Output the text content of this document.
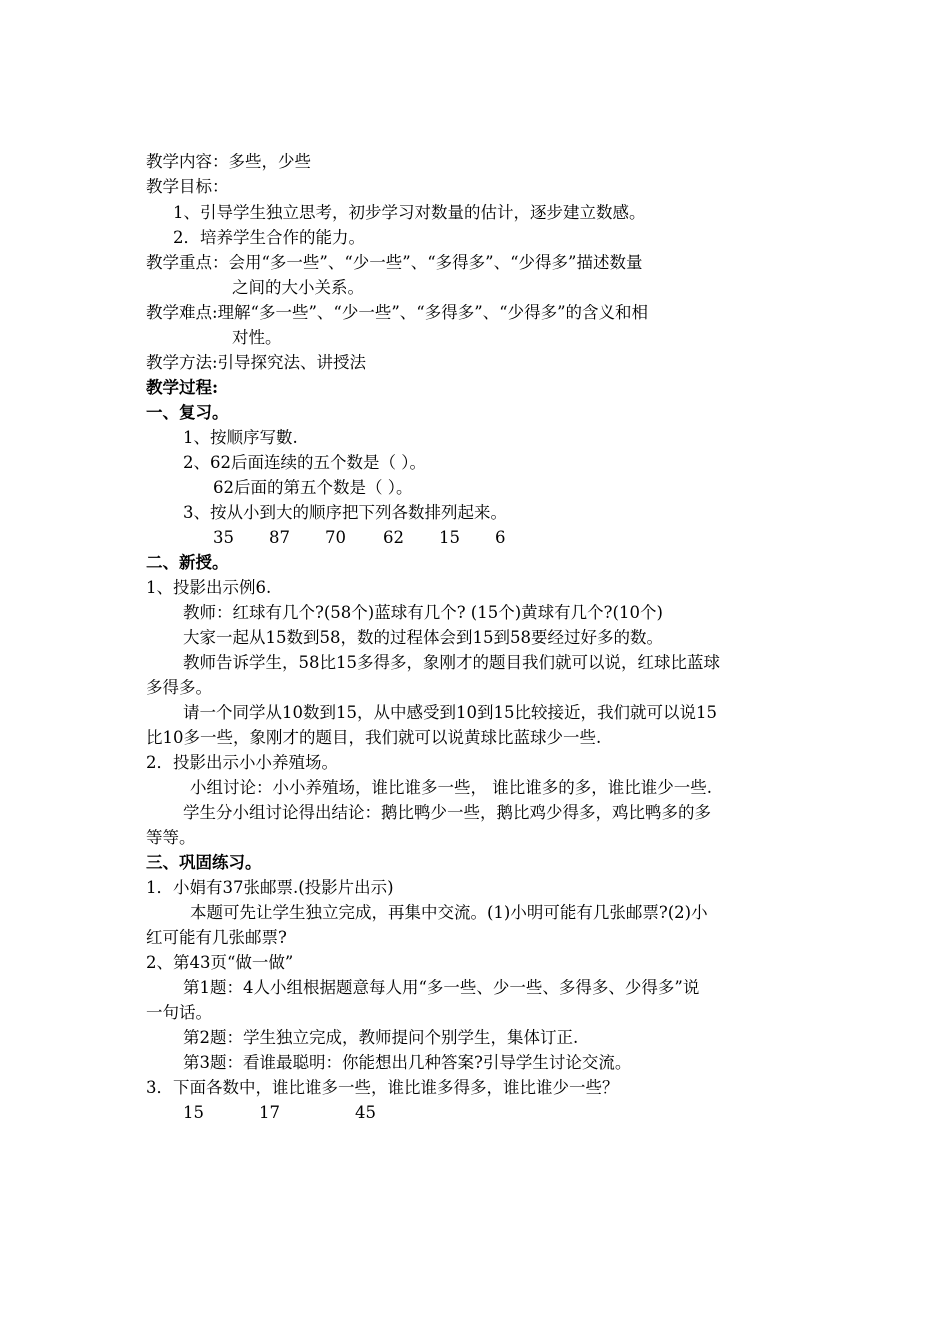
教学内容：多些，少些
教学目标：
1、引导学生独立思考，初步学习对数量的估计，逐步建立数感。
2．培养学生合作的能力。
教学重点：会用“多一些”、“少一些”、“多得多”、“少得多”描述数量
之间的大小关系。
教学难点:理解“多一些”、“少一些”、“多得多”、“少得多”的含义和相
对性。
教学方法:引导探究法、讲授法
教学过程:
一、复习。
1、按顺序写數.
2、62后面连续的五个数是（ ）。
62后面的第五个数是（ ）。
3、按从小到大的顺序把下列各数排列起来。
35 87 70 62 15 6
二、新授。
1、投影出示例6.
教师：红球有几个?(58个)蓝球有几个? (15个)黄球有几个?(10个)
大家一起从15数到58，数的过程体会到15到58要经过好多的数。
教师告诉学生，58比15多得多，象刚才的题目我们就可以说，红球比蓝球
多得多。
请一个同学从10数到15，从中感受到10到15比较接近，我们就可以说15
比10多一些，象刚才的题目，我们就可以说黄球比蓝球少一些.
2．投影出示小小养殖场。
小组讨论：小小养殖场，谁比谁多一些， 谁比谁多的多，谁比谁少一些.
学生分小组讨论得出结论：鹅比鸭少一些，鹅比鸡少得多，鸡比鸭多的多
等等。
三、巩固练习。
1．小娟有37张邮票.(投影片出示)
本题可先让学生独立完成，再集中交流。(1)小明可能有几张邮票?(2)小
红可能有几张邮票?
2、第43页“做一做”
第1题：4人小组根据题意每人用“多一些、少一些、多得多、少得多”说
一句话。
第2题：学生独立完成，教师提问个别学生，集体订正.
第3题：看谁最聪明：你能想出几种答案?引导学生讨论交流。
3．下面各数中，谁比谁多一些，谁比谁多得多，谁比谁少一些？
15	17	45
